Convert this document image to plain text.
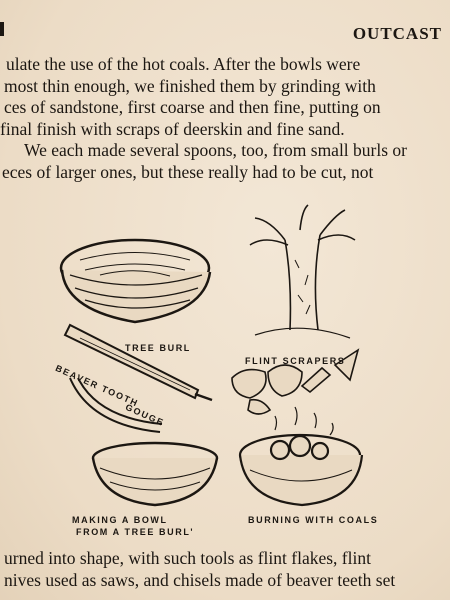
OUTCAST
ulate the use of the hot coals. After the bowls were
most thin enough, we finished them by grinding with
ces of sandstone, first coarse and then fine, putting on
final finish with scraps of deerskin and fine sand.
We each made several spoons, too, from small burls or
eces of larger ones, but these really had to be cut, not
TREE BURL
FLINT SCRAPERS
BEAVER TOOTH
GOUGE
MAKING A BOWL
FROM A TREE BURL'
BURNING WITH COALS
urned into shape, with such tools as flint flakes, flint
nives used as saws, and chisels made of beaver teeth set
